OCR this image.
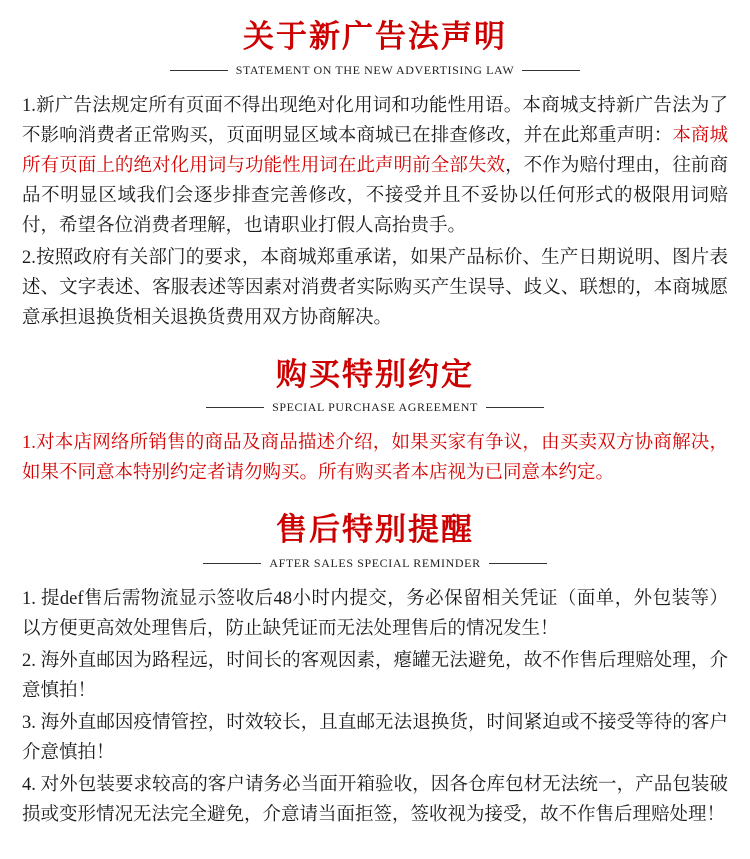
关于新广告法声明
STATEMENT ON THE NEW ADVERTISING LAW

1.新广告法规定所有页面不得出现绝对化用词和功能性用语。本商城支持新广告法为了不影响消费者正常购买，页面明显区域本商城已在排查修改，并在此郑重声明：本商城所有页面上的绝对化用词与功能性用词在此声明前全部失效，不作为赔付理由，往前商品不明显区域我们会逐步排查完善修改，不接受并且不妥协以任何形式的极限用词赔付，希望各位消费者理解，也请职业打假人高抬贵手。

2.按照政府有关部门的要求，本商城郑重承诺，如果产品标价、生产日期说明、图片表述、文字表述、客服表述等因素对消费者实际购买产生误导、歧义、联想的，本商城愿意承担退换货相关退换货费用双方协商解决。

购买特别约定
SPECIAL PURCHASE AGREEMENT

1.对本店网络所销售的商品及商品描述介绍，如果买家有争议，由买卖双方协商解决，如果不同意本特别约定者请勿购买。所有购买者本店视为已同意本约定。

售后特别提醒
AFTER SALES SPECIAL REMINDER

1. 提def售后需物流显示签收后48小时内提交，务必保留相关凭证（面单，外包装等）以方便更高效处理售后，防止缺凭证而无法处理售后的情况发生！

2. 海外直邮因为路程远，时间长的客观因素，瘪罐无法避免，故不作售后理赔处理，介意慎拍！

3. 海外直邮因疫情管控，时效较长，且直邮无法退换货，时间紧迫或不接受等待的客户介意慎拍！

4. 对外包装要求较高的客户请务必当面开箱验收，因各仓库包材无法统一，产品包装破损或变形情况无法完全避免，介意请当面拒签，签收视为接受，故不作售后理赔处理！
